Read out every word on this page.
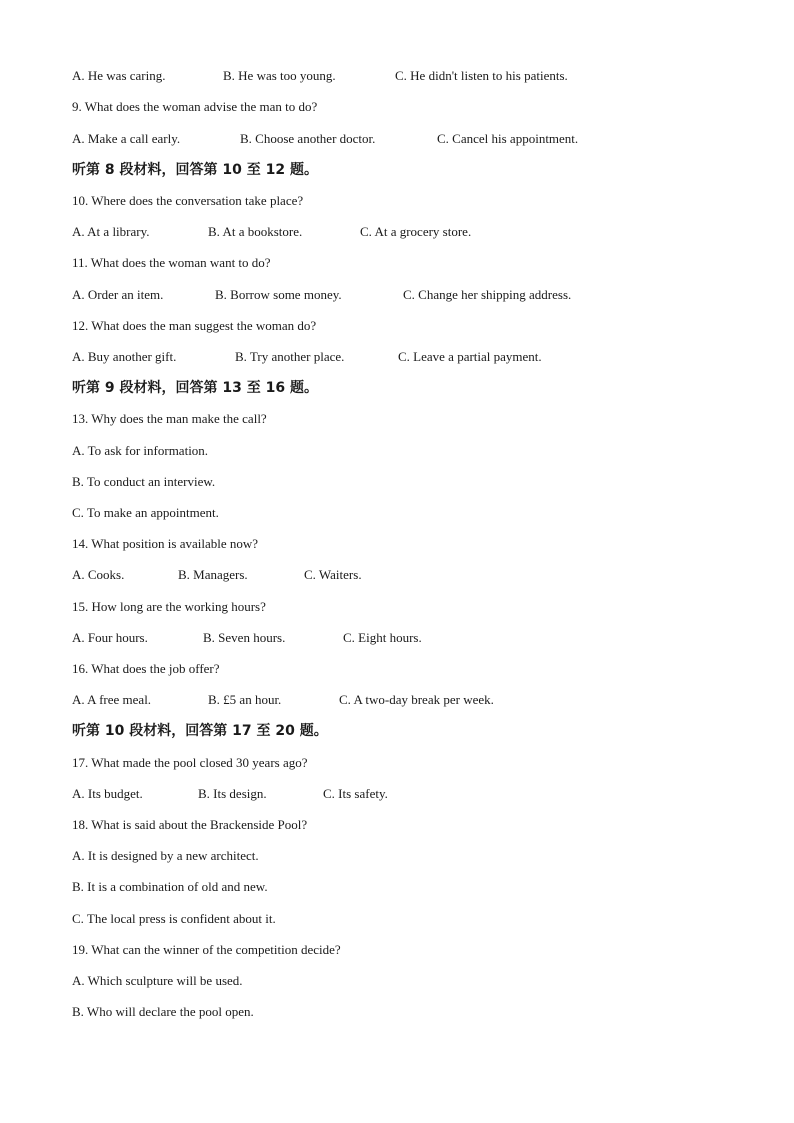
A. He was caring.	B. He was too young.	C. He didn't listen to his patients.
9. What does the woman advise the man to do?
A. Make a call early.	B. Choose another doctor.	C. Cancel his appointment.
听第 8 段材料，回答第 10 至 12 题。
10. Where does the conversation take place?
A. At a library.	B. At a bookstore.	C. At a grocery store.
11. What does the woman want to do?
A. Order an item.	B. Borrow some money.	C. Change her shipping address.
12. What does the man suggest the woman do?
A. Buy another gift.	B. Try another place.	C. Leave a partial payment.
听第 9 段材料，回答第 13 至 16 题。
13. Why does the man make the call?
A. To ask for information.
B. To conduct an interview.
C. To make an appointment.
14. What position is available now?
A. Cooks.	B. Managers.	C. Waiters.
15. How long are the working hours?
A. Four hours.	B. Seven hours.	C. Eight hours.
16. What does the job offer?
A. A free meal.	B. £5 an hour.	C. A two-day break per week.
听第 10 段材料，回答第 17 至 20 题。
17. What made the pool closed 30 years ago?
A. Its budget.	B. Its design.	C. Its safety.
18. What is said about the Brackenside Pool?
A. It is designed by a new architect.
B. It is a combination of old and new.
C. The local press is confident about it.
19. What can the winner of the competition decide?
A. Which sculpture will be used.
B. Who will declare the pool open.
